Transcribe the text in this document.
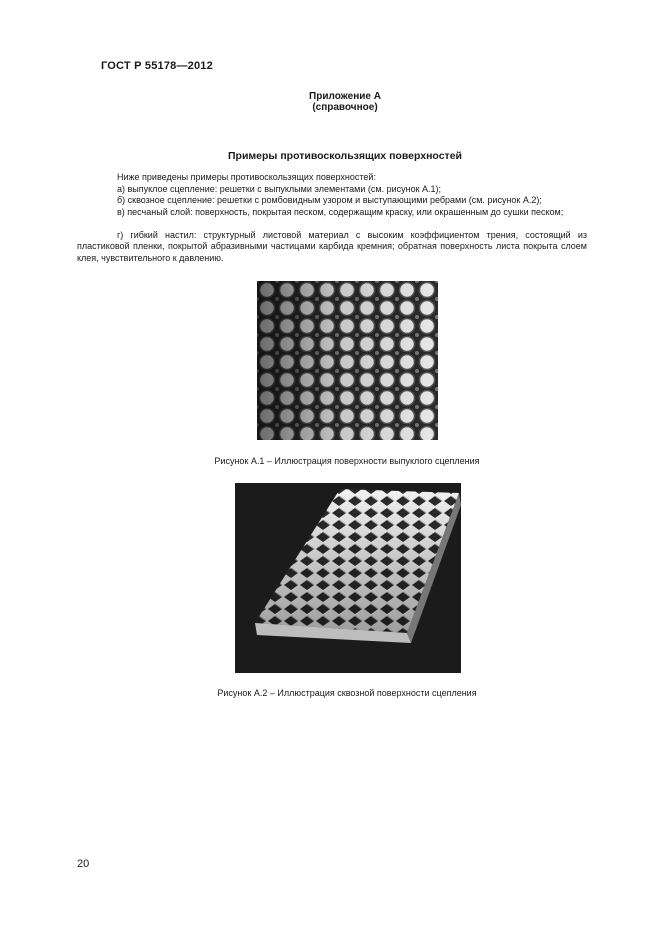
ГОСТ Р 55178—2012
Приложение А
(справочное)
Примеры противоскользящих поверхностей
Ниже приведены примеры противоскользящих поверхностей:
а) выпуклое сцепление: решетки с выпуклыми элементами (см. рисунок А.1);
б) сквозное сцепление: решетки с ромбовидным узором и выступающими ребрами (см. рисунок А.2);
в) песчаный слой: поверхность, покрытая песком, содержащим краску, или окрашенным до сушки песком;
г) гибкий настил: структурный листовой материал с высоким коэффициентом трения, состоящий из пластиковой пленки, покрытой абразивными частицами карбида кремния; обратная поверхность листа покрыта слоем клея, чувствительного к давлению.
Рисунок А.1 – Иллюстрация поверхности выпуклого сцепления
Рисунок А.2 – Иллюстрация сквозной поверхности сцепления
20
